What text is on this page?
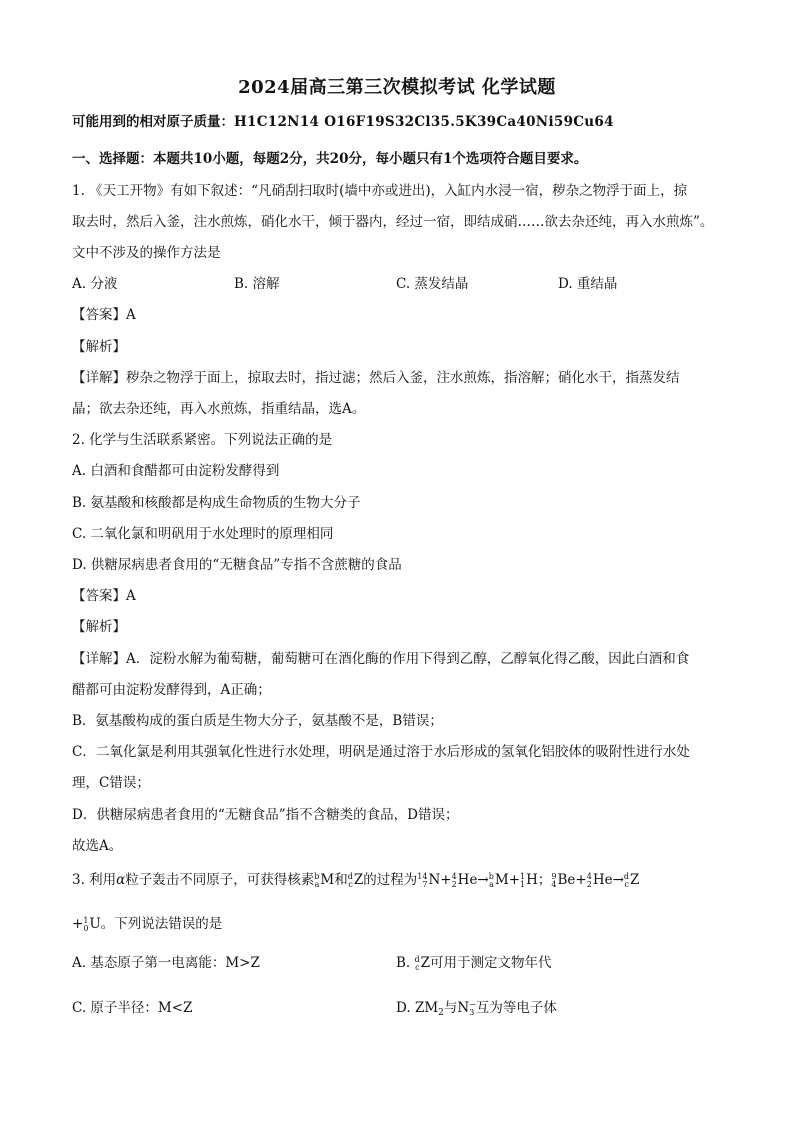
2024届高三第三次模拟考试 化学试题
可能用到的相对原子质量：H1C12N14 O16F19S32Cl35.5K39Ca40Ni59Cu64
一、选择题：本题共10小题，每题2分，共20分，每小题只有1个选项符合题目要求。
1. 《天工开物》有如下叙述：“凡硝刮扫取时(墙中亦或进出)，入缸内水浸一宿，秽杂之物浮于面上，掠
取去时，然后入釜，注水煎炼，硝化水干，倾于器内，经过一宿，即结成硝……欲去杂还纯，再入水煎炼”。
文中不涉及的操作方法是
A. 分液	B. 溶解	C. 蒸发结晶	D. 重结晶
【答案】A
【解析】
【详解】秽杂之物浮于面上，掠取去时，指过滤；然后入釜，注水煎炼，指溶解；硝化水干，指蒸发结
晶；欲去杂还纯，再入水煎炼，指重结晶，选A。
2. 化学与生活联系紧密。下列说法正确的是
A. 白酒和食醋都可由淀粉发酵得到
B. 氨基酸和核酸都是构成生命物质的生物大分子
C. 二氧化氯和明矾用于水处理时的原理相同
D. 供糖尿病患者食用的“无糖食品”专指不含蔗糖的食品
【答案】A
【解析】
【详解】A．淀粉水解为葡萄糖，葡萄糖可在酒化酶的作用下得到乙醇，乙醇氧化得乙酸，因此白酒和食
醋都可由淀粉发酵得到，A正确；
B．氨基酸构成的蛋白质是生物大分子，氨基酸不是，B错误；
C．二氧化氯是利用其强氧化性进行水处理，明矾是通过溶于水后形成的氢氧化铝胶体的吸附性进行水处
理，C错误；
D．供糖尿病患者食用的“无糖食品”指不含糖类的食品，D错误；
故选A。
3. 利用α粒子轰击不同原子，可获得核素 b
a M和 d
c Z的过程为 14
7 N+ 4
2 He→ b
a M+ 1
1 H； 9
4 Be+ 4
2 He→ d
c Z
+ 1
0 U。下列说法错误的是
A. 基态原子第一电离能：M>Z	B. d
c Z可用于测定文物年代
C. 原子半径：M<Z	D. $ZM_2$与N −
3 互为等电子体
